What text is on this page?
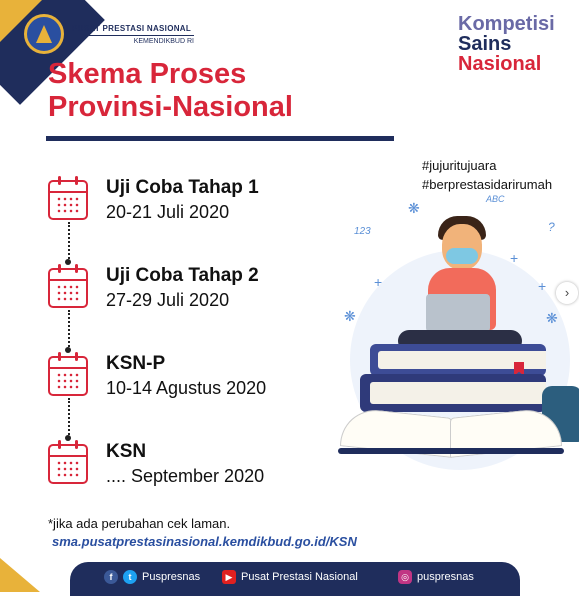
PUSAT PRESTASI NASIONAL
KEMENDIKBUD RI
Kompetisi
Sains
Nasional
Skema Proses
Provinsi-Nasional
#jujuritujuara
#berprestasidarirumah
Uji Coba Tahap 1
20-21 Juli 2020
Uji Coba Tahap 2
27-29 Juli 2020
KSN-P
10-14 Agustus 2020
KSN
.... September 2020
❋
123
ABC
?
+
❋
+
+
❋
›
*jika ada perubahan cek laman.
sma.pusatprestasinasional.kemdikbud.go.id/KSN
f	t Puspresnas	▶ Pusat Prestasi Nasional	◎ puspresnas
